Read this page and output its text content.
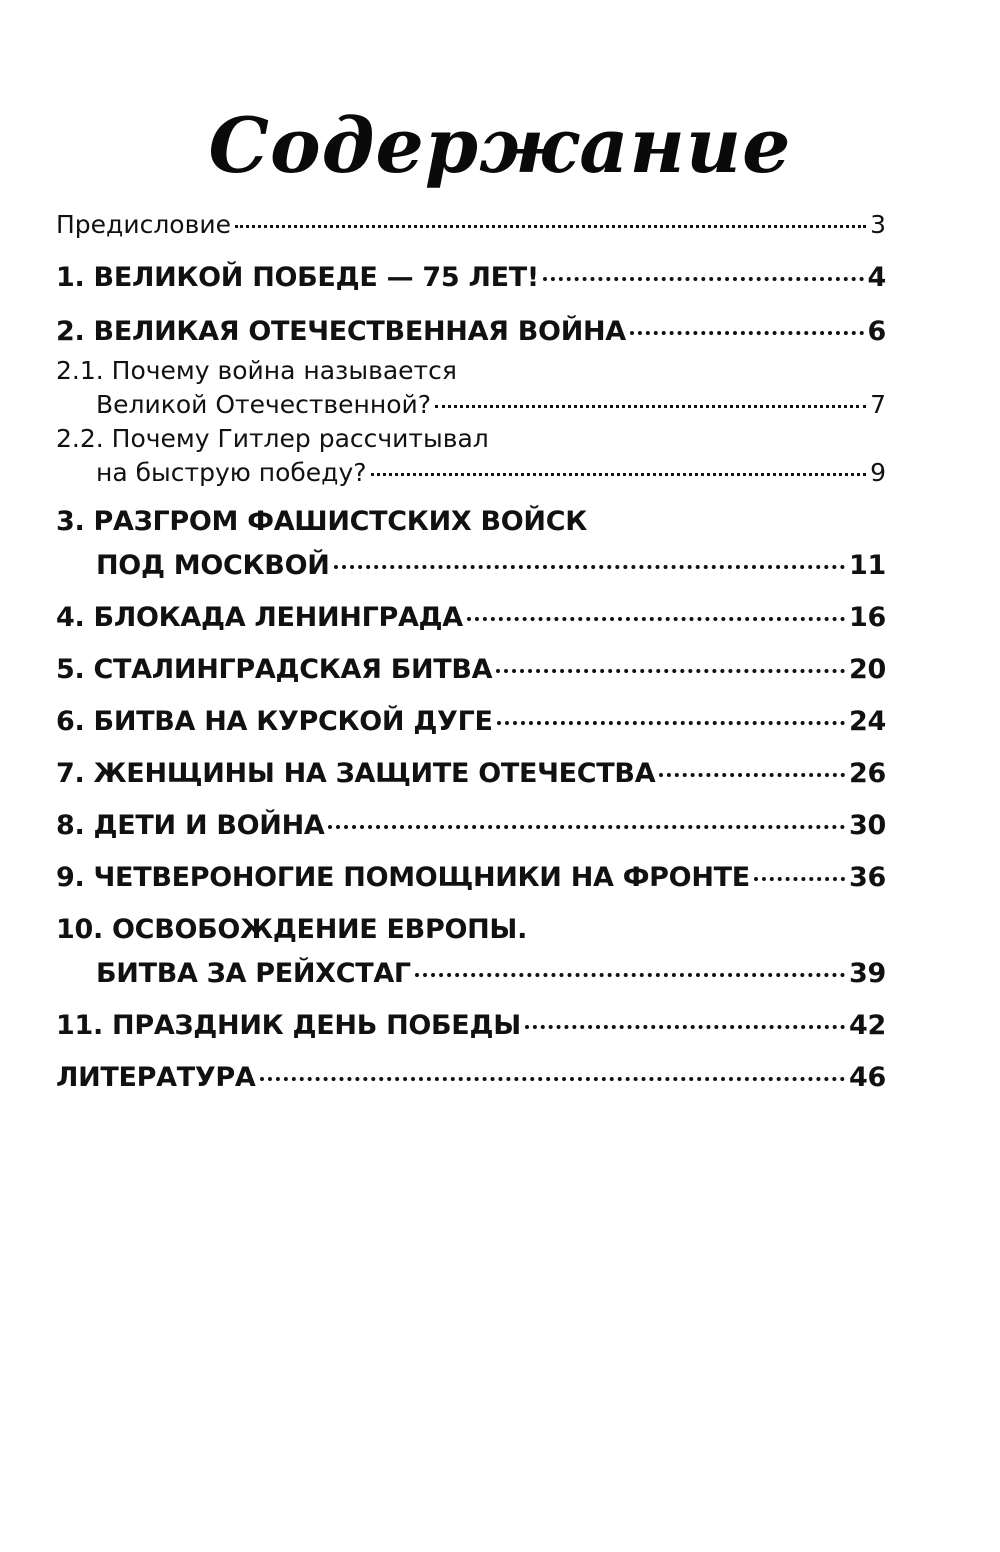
Содержание
Предисловие	3
1. ВЕЛИКОЙ ПОБЕДЕ — 75 ЛЕТ!	4
2. ВЕЛИКАЯ ОТЕЧЕСТВЕННАЯ ВОЙНА	6
2.1. Почему война называется
Великой Отечественной?	7
2.2. Почему Гитлер рассчитывал
на быструю победу?	9
3. РАЗГРОМ ФАШИСТСКИХ ВОЙСК
ПОД МОСКВОЙ	11
4. БЛОКАДА ЛЕНИНГРАДА	16
5. СТАЛИНГРАДСКАЯ БИТВА	20
6. БИТВА НА КУРСКОЙ ДУГЕ	24
7. ЖЕНЩИНЫ НА ЗАЩИТЕ ОТЕЧЕСТВА	26
8. ДЕТИ И ВОЙНА	30
9. ЧЕТВЕРОНОГИЕ ПОМОЩНИКИ НА ФРОНТЕ	36
10. ОСВОБОЖДЕНИЕ ЕВРОПЫ.
БИТВА ЗА РЕЙХСТАГ	39
11. ПРАЗДНИК ДЕНЬ ПОБЕДЫ	42
ЛИТЕРАТУРА	46
